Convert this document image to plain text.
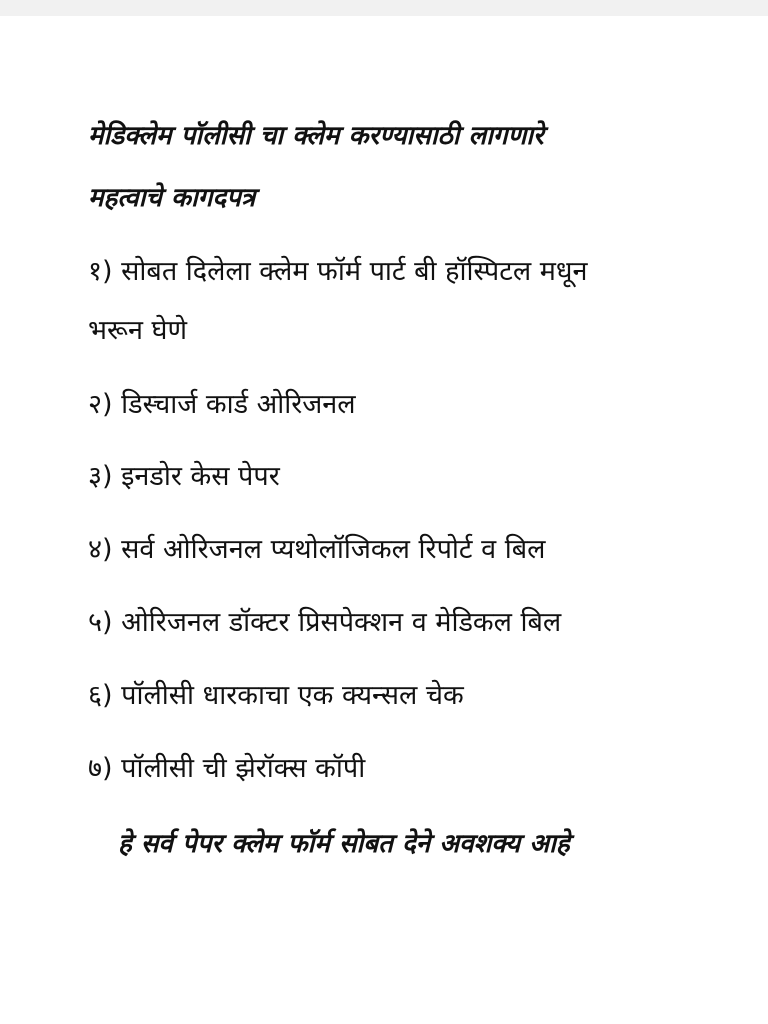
मेडिक्लेम पॉलीसी चा क्लेम करण्यासाठी लागणारे
महत्वाचे कागदपत्र
१) सोबत दिलेला क्लेम फॉर्म पार्ट बी हॉस्पिटल मधून
भरून घेणे
२) डिस्चार्ज कार्ड ओरिजनल
३) इनडोर केस पेपर
४) सर्व ओरिजनल प्यथोलॉजिकल रिपोर्ट व बिल
५) ओरिजनल डॉक्टर प्रिसपेक्शन व मेडिकल बिल
६) पॉलीसी धारकाचा एक क्यन्सल चेक
७) पॉलीसी ची झेरॉक्स कॉपी
हे सर्व पेपर क्लेम फॉर्म सोबत देने अवशक्य आहे
